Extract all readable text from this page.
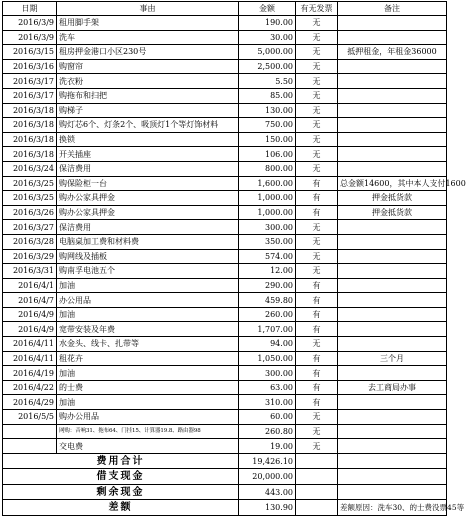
日期	事由	金额	有无发票	备注
2016/3/9	租用脚手架	190.00	无	
2016/3/9	洗车	30.00	无	
2016/3/15	租房押金港口小区230号	5,000.00	无	抵押租金，年租金36000
2016/3/16	购窗帘	2,500.00	无	
2016/3/17	洗衣粉	5.50	无	
2016/3/17	购拖布和扫把	85.00	无	
2016/3/18	购梯子	130.00	无	
2016/3/18	购灯芯6个、灯条2个、吸顶灯1个等灯饰材料	750.00	无	
2016/3/18	换锁	150.00	无	
2016/3/18	开关插座	106.00	无	
2016/3/24	保洁费用	800.00	无	
2016/3/25	购保险柜一台	1,600.00	有	总金额14600，其中本人支付1600
2016/3/25	购办公家具押金	1,000.00	有	押金抵货款
2016/3/26	购办公家具押金	1,000.00	有	押金抵货款
2016/3/27	保洁费用	300.00	无	
2016/3/28	电脑桌加工费和材料费	350.00	无	
2016/3/29	购网线及插板	574.00	无	
2016/3/31	购南孚电池五个	12.00	无	
2016/4/1	加油	290.00	有	
2016/4/7	办公用品	459.80	有	
2016/4/9	加油	260.00	有	
2016/4/9	宽带安装及年费	1,707.00	有	
2016/4/11	水金头、线卡、扎带等	94.00	无	
2016/4/11	租花卉	1,050.00	有	三个月
2016/4/19	加油	300.00	有	
2016/4/22	的士费	63.00	有	去工商局办事
2016/4/29	加油	310.00	有	
2016/5/5	购办公用品	60.00	无	
	网购：音响31、拖布64、门挂15、计算器19.8、路由器98	260.80	无	
	交电费	19.00	无	
费用合计		19,426.10		
借支现金		20,000.00		
剩余现金		443.00		
差额		130.90		差额原因：洗车30、的士费没票45等
